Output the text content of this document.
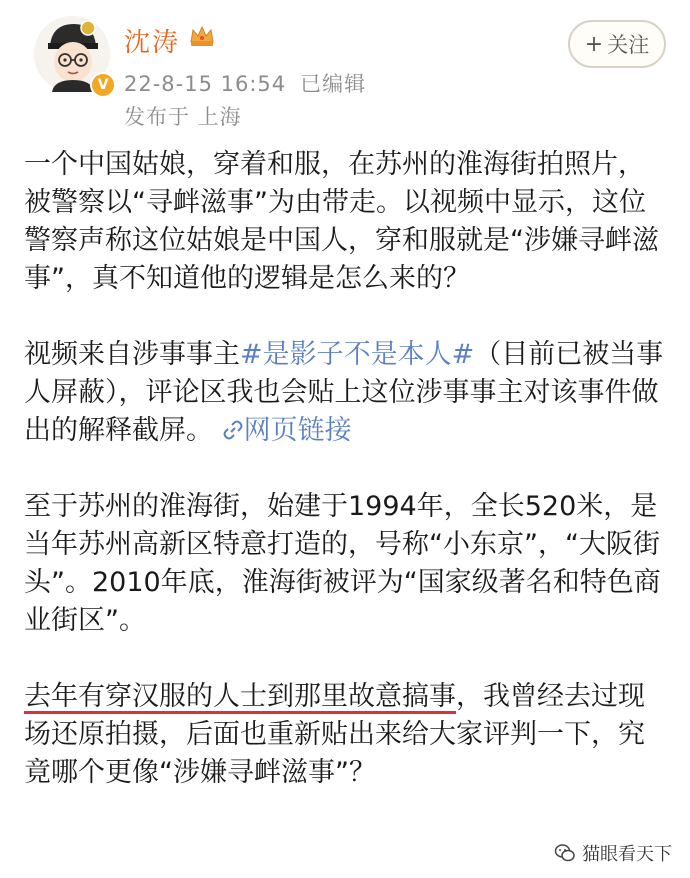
V
沈涛
22-8-15 16:54 已编辑
发布于 上海
+ 关注

一个中国姑娘，穿着和服，在苏州的淮海街拍照片，被警察以“寻衅滋事”为由带走。以视频中显示，这位警察声称这位姑娘是中国人，穿和服就是“涉嫌寻衅滋事”，真不知道他的逻辑是怎么来的？

视频来自涉事事主#是影子不是本人#（目前已被当事人屏蔽），评论区我也会贴上这位涉事事主对该事件做出的解释截屏。 网页链接

至于苏州的淮海街，始建于1994年，全长520米，是当年苏州高新区特意打造的，号称“小东京”，“大阪街头”。2010年底，淮海街被评为“国家级著名和特色商业街区”。

去年有穿汉服的人士到那里故意搞事，我曾经去过现场还原拍摄，后面也重新贴出来给大家评判一下，究竟哪个更像“涉嫌寻衅滋事”？

猫眼看天下
